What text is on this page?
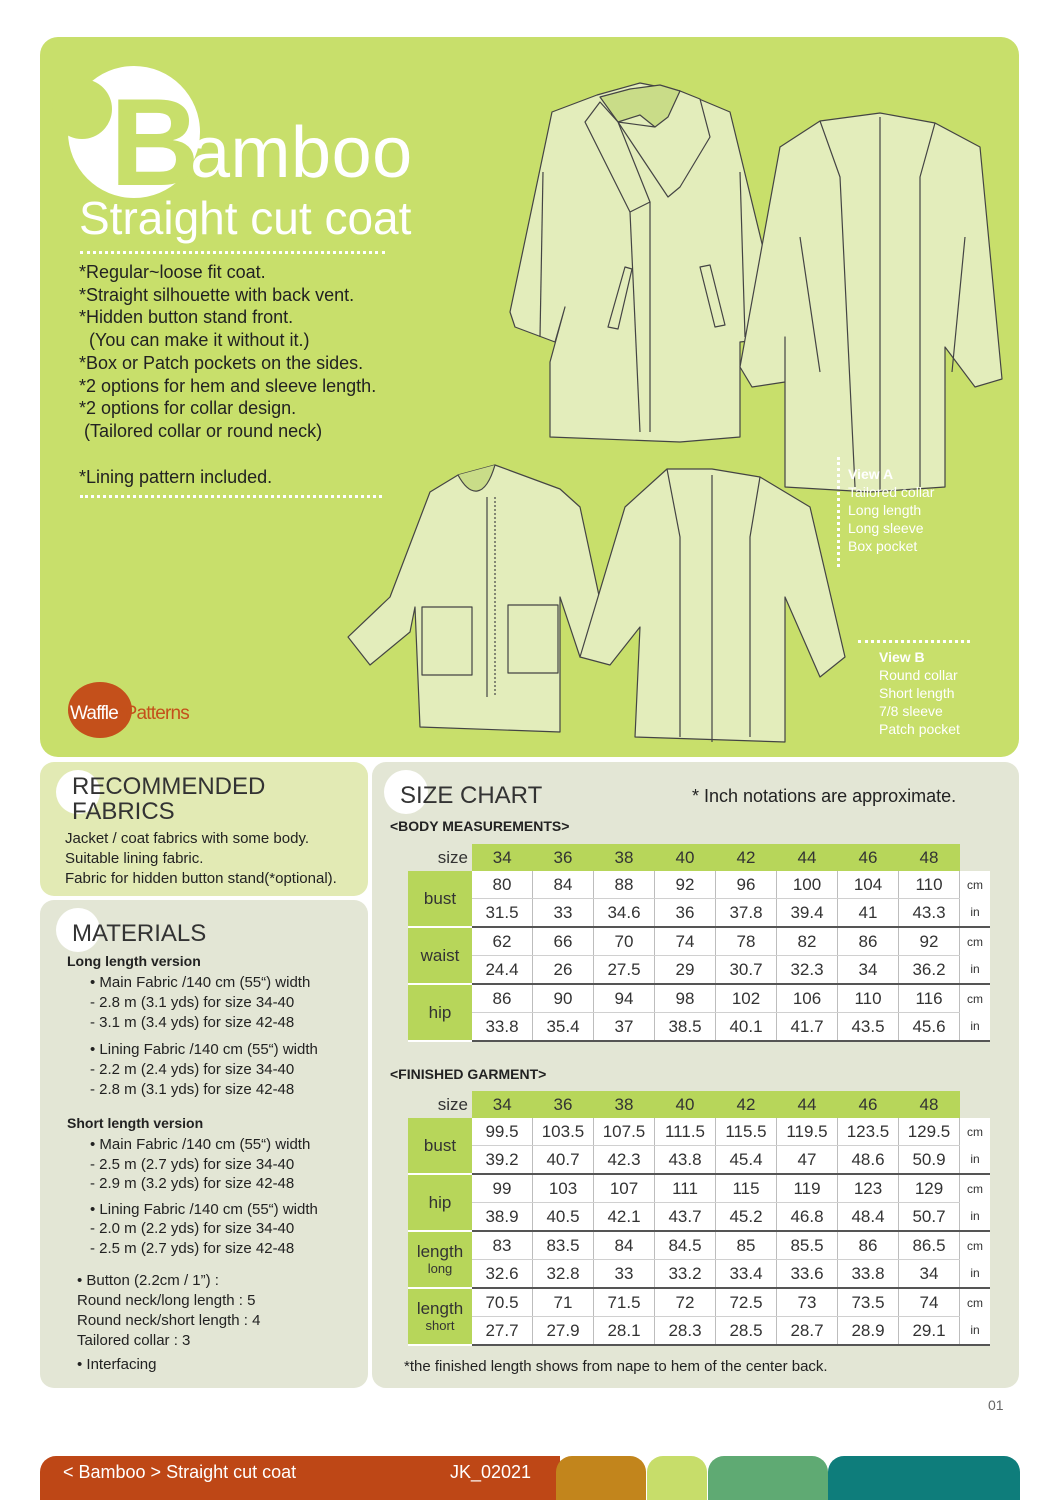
B
amboo
Straight cut coat
*Regular~loose fit coat.
*Straight silhouette with back vent.
*Hidden button stand front.
(You can make it without it.)
*Box or Patch pockets on the sides.
*2 options for hem and sleeve length.
*2 options for collar design.
(Tailored collar or round neck)
*Lining pattern included.	View A
Tailored collar
Long length
Long sleeve
Box pocket
View B
Round collar
Short length
7/8 sleeve
Patch pocket
Waffle*Patterns
RECOMMENDED
FABRICS
Jacket / coat fabrics with some body.
Suitable lining fabric.
Fabric for hidden button stand(*optional).
MATERIALS
Long length version
• Main Fabric /140 cm (55“) width
- 2.8 m (3.1 yds) for size 34-40
- 3.1 m (3.4 yds) for size 42-48
• Lining Fabric /140 cm (55“) width
- 2.2 m (2.4 yds) for size 34-40
- 2.8 m (3.1 yds) for size 42-48
Short length version
• Main Fabric /140 cm (55“) width
- 2.5 m (2.7 yds) for size 34-40
- 2.9 m (3.2 yds) for size 42-48
• Lining Fabric /140 cm (55“) width
- 2.0 m (2.2 yds) for size 34-40
- 2.5 m (2.7 yds) for size 42-48
• Button (2.2cm / 1”) :
Round neck/long length : 5
Round neck/short length : 4
Tailored collar : 3
• Interfacing
SIZE CHART	* Inch notations are approximate.
<BODY MEASUREMENTS>
<FINISHED GARMENT>
size	34	36	38	40	42	44	46	48	

bust	80	84	88	92	96	100	104	110	cm
	31.5	33	34.6	36	37.8	39.4	41	43.3	in

waist	62	66	70	74	78	82	86	92	cm
	24.4	26	27.5	29	30.7	32.3	34	36.2	in

hip	86	90	94	98	102	106	110	116	cm
	33.8	35.4	37	38.5	40.1	41.7	43.5	45.6	in
size	34	36	38	40	42	44	46	48	

bust	99.5	103.5	107.5	111.5	115.5	119.5	123.5	129.5	cm
	39.2	40.7	42.3	43.8	45.4	47	48.6	50.9	in

hip	99	103	107	111	115	119	123	129	cm
	38.9	40.5	42.1	43.7	45.2	46.8	48.4	50.7	in

length
long	83	83.5	84	84.5	85	85.5	86	86.5	cm
	32.6	32.8	33	33.2	33.4	33.6	33.8	34	in

length
short	70.5	71	71.5	72	72.5	73	73.5	74	cm
	27.7	27.9	28.1	28.3	28.5	28.7	28.9	29.1	in
*the finished length shows from nape to hem of the center back.
01
< Bamboo > Straight cut coat	JK_02021
